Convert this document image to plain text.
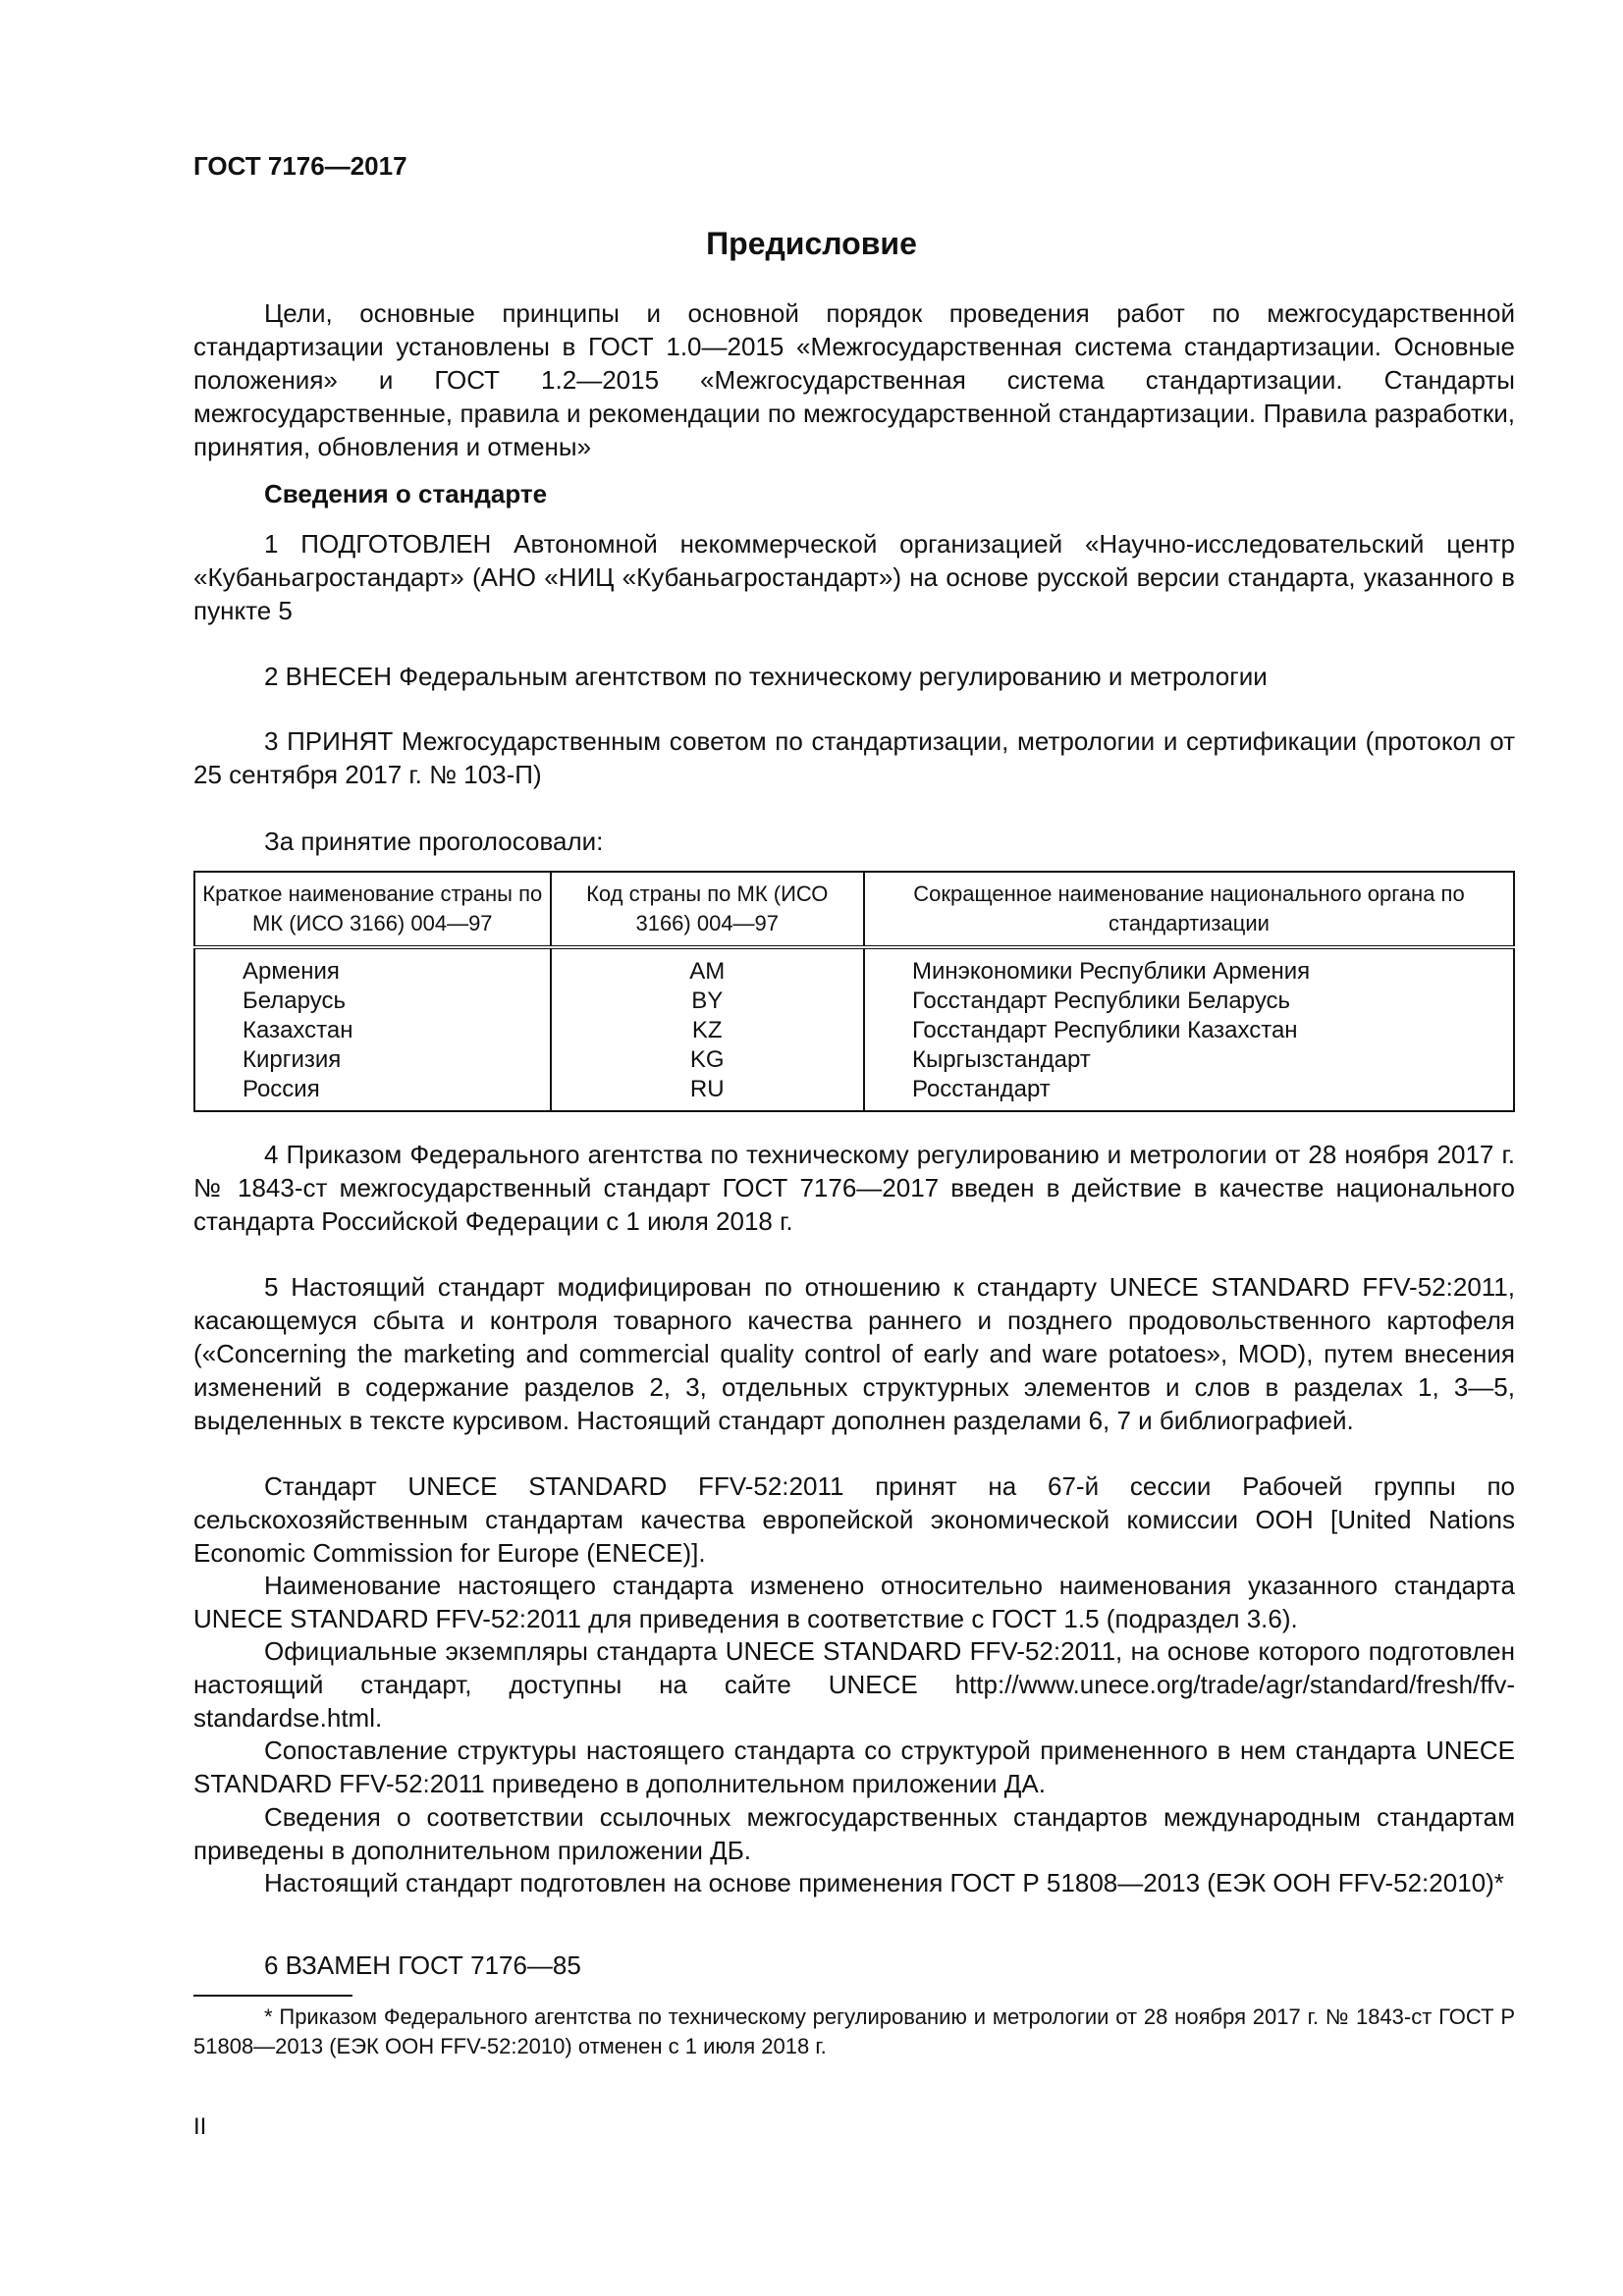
ГОСТ 7176—2017
Предисловие
Цели, основные принципы и основной порядок проведения работ по межгосударственной стандартизации установлены в ГОСТ 1.0—2015 «Межгосударственная система стандартизации. Основные положения» и ГОСТ 1.2—2015 «Межгосударственная система стандартизации. Стандарты межгосударственные, правила и рекомендации по межгосударственной стандартизации. Правила разработки, принятия, обновления и отмены»
Сведения о стандарте
1 ПОДГОТОВЛЕН Автономной некоммерческой организацией «Научно-исследовательский центр «Кубаньагростандарт» (АНО «НИЦ «Кубаньагростандарт») на основе русской версии стандарта, указанного в пункте 5
2 ВНЕСЕН Федеральным агентством по техническому регулированию и метрологии
3 ПРИНЯТ Межгосударственным советом по стандартизации, метрологии и сертификации (протокол от 25 сентября 2017 г. № 103-П)
За принятие проголосовали:
Краткое наименование страны по МК (ИСО 3166) 004—97	Код страны по МК (ИСО 3166) 004—97	Сокращенное наименование национального органа по стандартизации

Армения	AM	Минэкономики Республики Армения

Беларусь	BY	Госстандарт Республики Беларусь

Казахстан	KZ	Госстандарт Республики Казахстан

Киргизия	KG	Кыргызстандарт

Россия	RU	Росстандарт
4 Приказом Федерального агентства по техническому регулированию и метрологии от 28 ноября 2017 г. № 1843-ст межгосударственный стандарт ГОСТ 7176—2017 введен в действие в качестве национального стандарта Российской Федерации с 1 июля 2018 г.
5 Настоящий стандарт модифицирован по отношению к стандарту UNECE STANDARD FFV-52:2011, касающемуся сбыта и контроля товарного качества раннего и позднего продовольственного картофеля («Concerning the marketing and commercial quality control of early and ware potatoes», MOD), путем внесения изменений в содержание разделов 2, 3, отдельных структурных элементов и слов в разделах 1, 3—5, выделенных в тексте курсивом. Настоящий стандарт дополнен разделами 6, 7 и библиографией.
Стандарт UNECE STANDARD FFV-52:2011 принят на 67-й сессии Рабочей группы по сельскохозяйственным стандартам качества европейской экономической комиссии ООН [United Nations Economic Commission for Europe (ENECE)].
Наименование настоящего стандарта изменено относительно наименования указанного стандарта UNECE STANDARD FFV-52:2011 для приведения в соответствие с ГОСТ 1.5 (подраздел 3.6).
Официальные экземпляры стандарта UNECE STANDARD FFV-52:2011, на основе которого подготовлен настоящий стандарт, доступны на сайте UNECE http://www.unece.org/trade/agr/standard/fresh/ffv-standardse.html.
Сопоставление структуры настоящего стандарта со структурой примененного в нем стандарта UNECE STANDARD FFV-52:2011 приведено в дополнительном приложении ДА.
Сведения о соответствии ссылочных межгосударственных стандартов международным стандартам приведены в дополнительном приложении ДБ.
Настоящий стандарт подготовлен на основе применения ГОСТ Р 51808—2013 (ЕЭК ООН FFV-52:2010)*
6 ВЗАМЕН ГОСТ 7176—85
* Приказом Федерального агентства по техническому регулированию и метрологии от 28 ноября 2017 г. № 1843-ст ГОСТ Р 51808—2013 (ЕЭК ООН FFV-52:2010) отменен с 1 июля 2018 г.
II
